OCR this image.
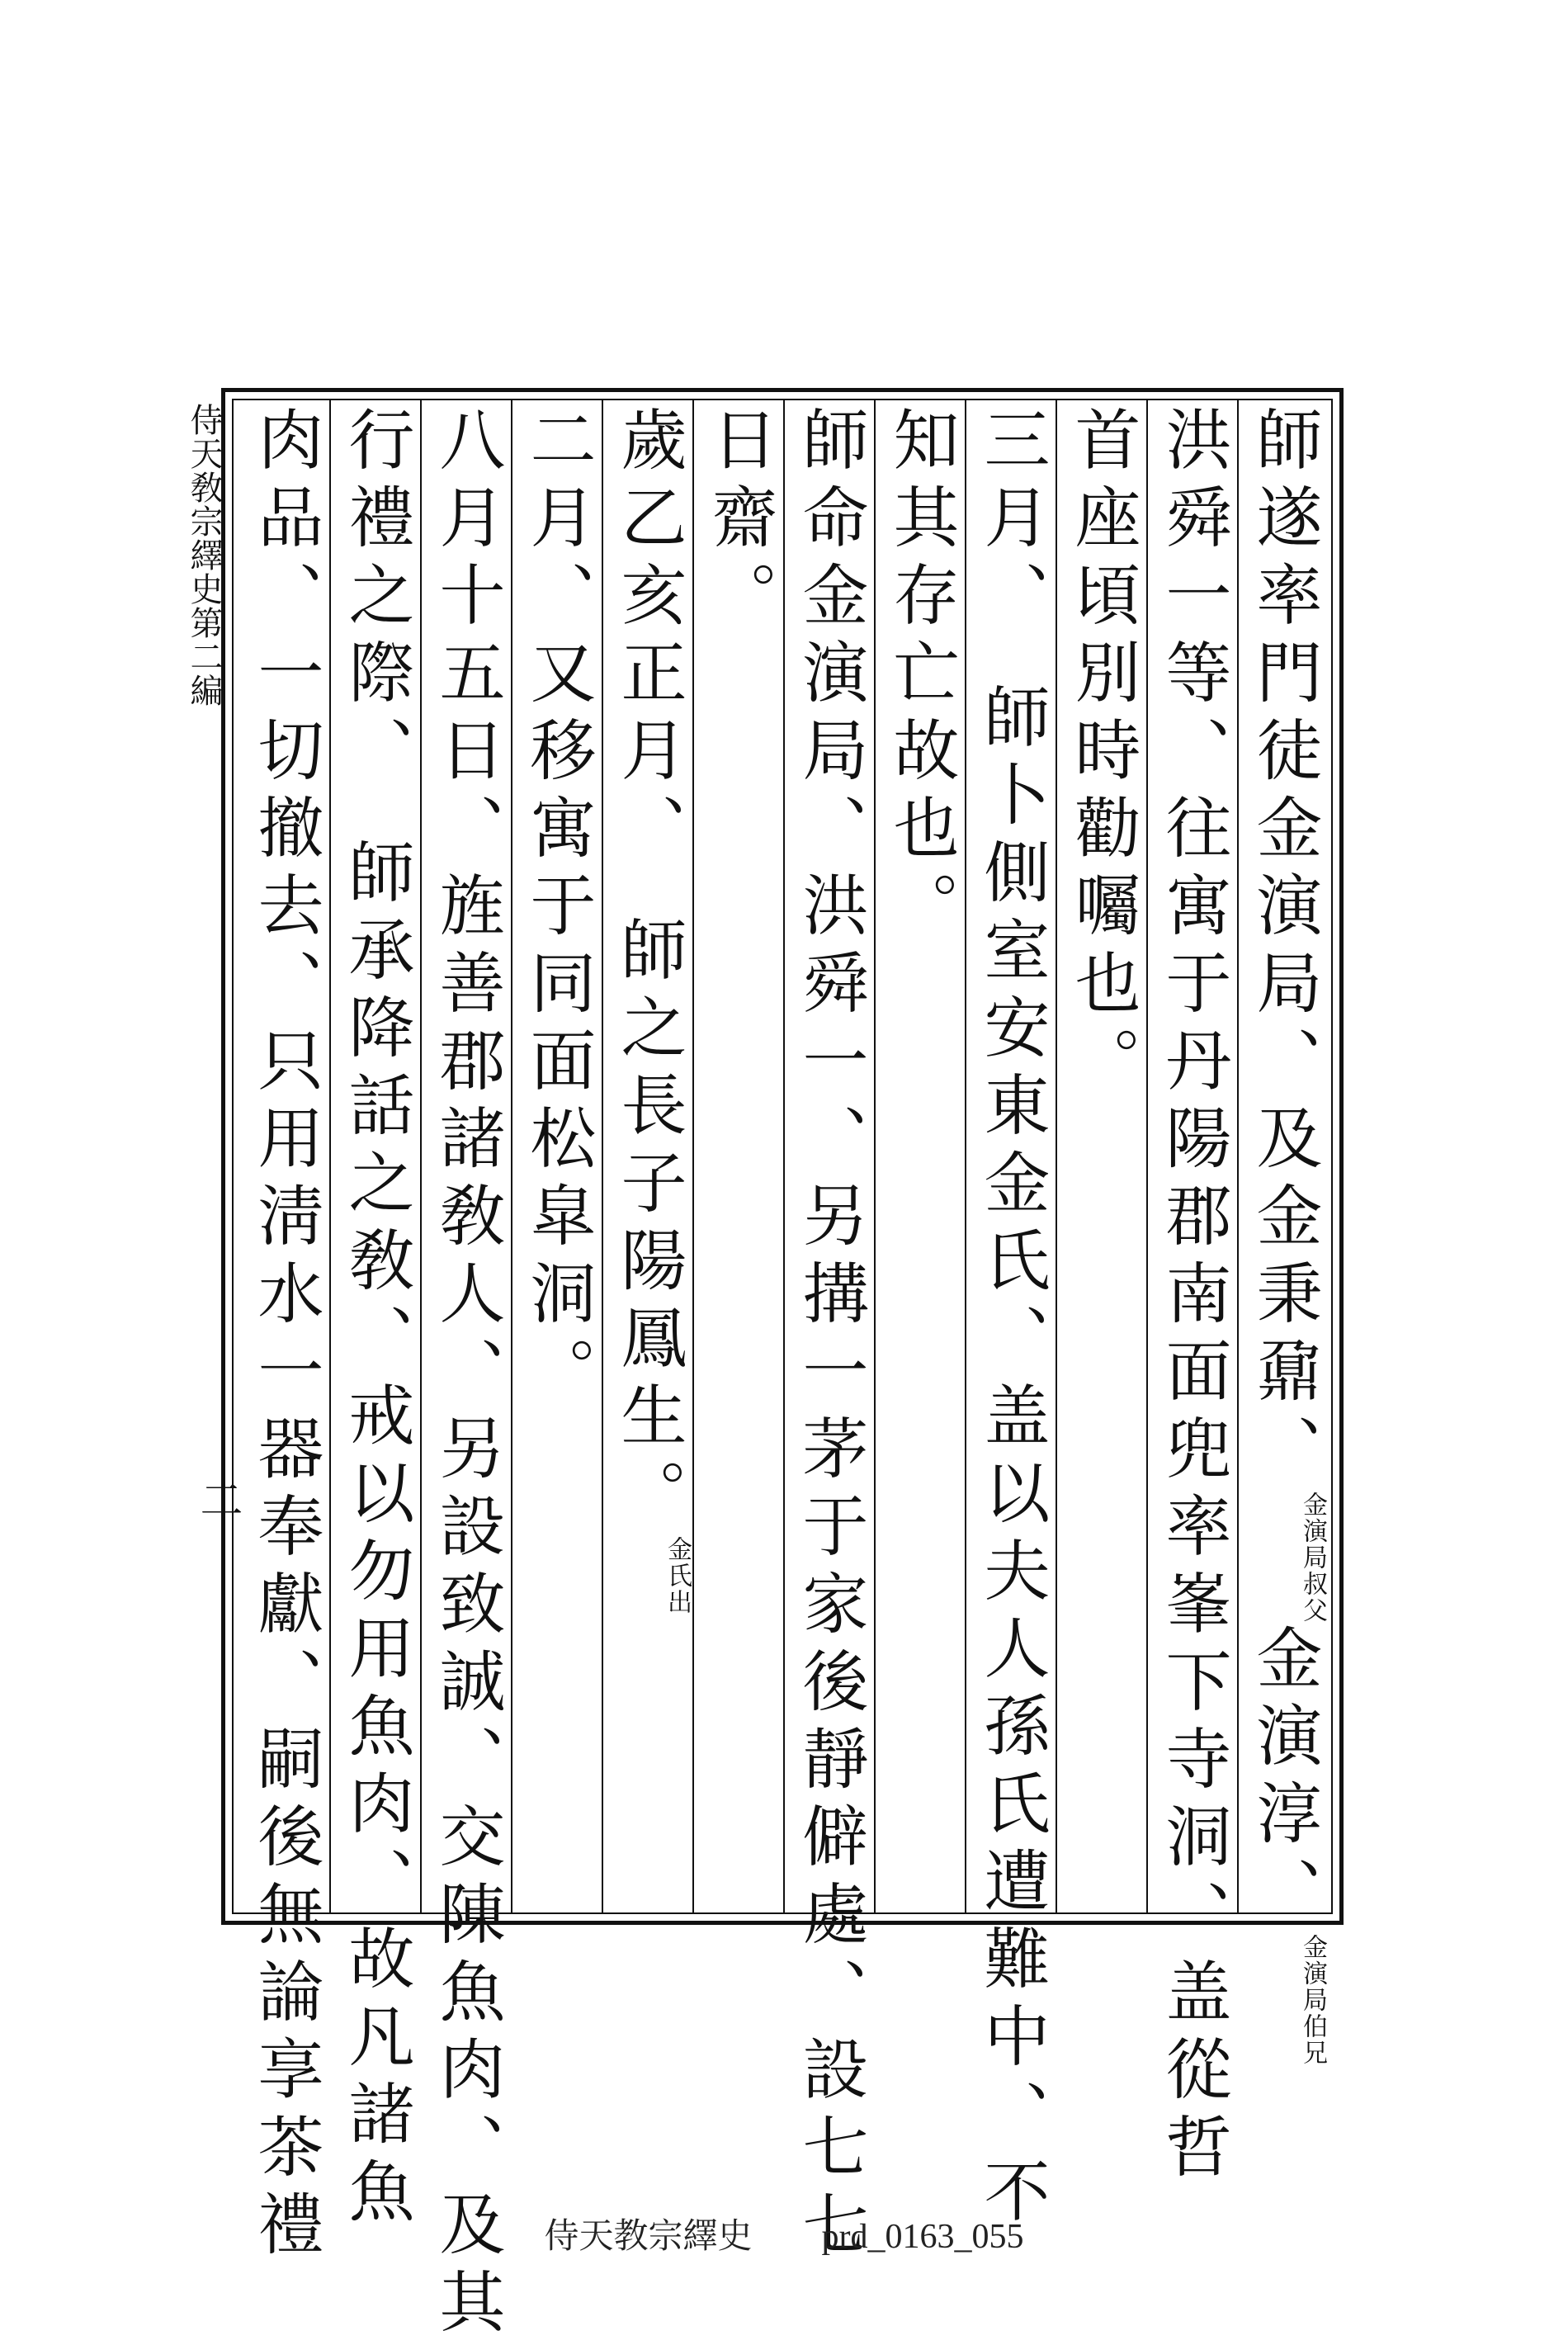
侍天敎宗繹史第二編
二
師遂率門徒金演局、及金秉鼐、金演局叔父金演淳、金演局伯兄
洪舜一等、往寓于丹陽郡南面兜率峯下寺洞、盖從哲
首座頃別時勸囑也。
三月、　師卜側室安東金氏、盖以夫人孫氏遭難中、不
知其存亡故也。
師命金演局、洪舜一、另搆一茅于家後靜僻處、設七七
日齋。
歲乙亥正月、　師之長子陽鳳生。金氏出
二月、又移寓于同面松皐洞。
八月十五日、旌善郡諸敎人、另設致誠、交陳魚肉、及其
行禮之際、　師承降話之敎、戒以勿用魚肉、故凡諸魚
肉品、一切撤去、只用淸水一器奉獻、嗣後無論享茶禮	侍天教宗繹史 prd_0163_055
